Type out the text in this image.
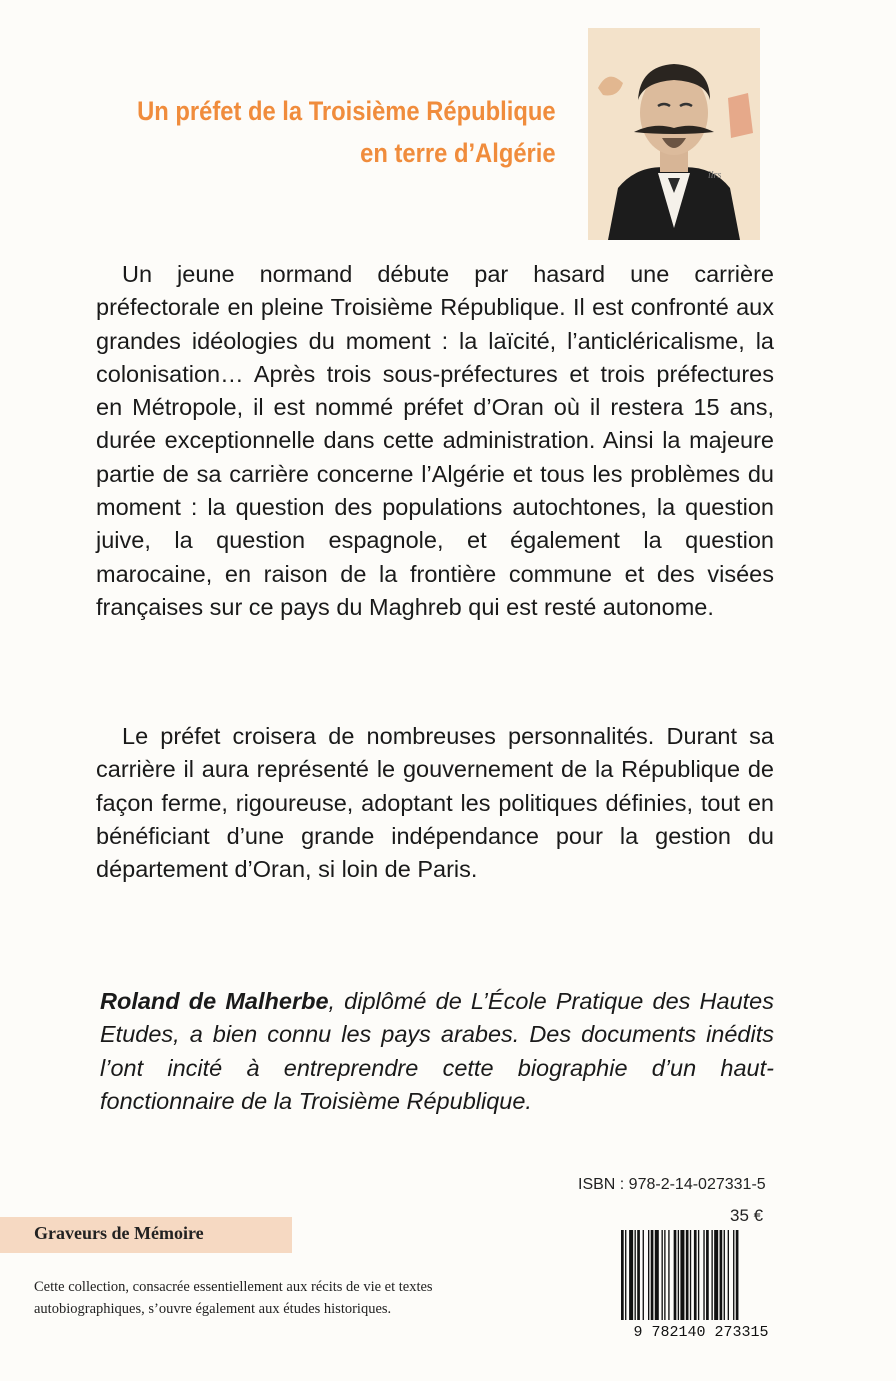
Un préfet de la Troisième République
en terre d’Algérie
ilrs

Un jeune normand débute par hasard une carrière préfectorale en pleine Troisième République. Il est confronté aux grandes idéologies du moment : la laïcité, l’anticléricalisme, la colonisation… Après trois sous-préfectures et trois préfectures en Métropole, il est nommé préfet d’Oran où il restera 15 ans, durée exceptionnelle dans cette administration. Ainsi la majeure partie de sa carrière concerne l’Algérie et tous les problèmes du moment : la question des populations autochtones, la question juive, la question espagnole, et également la question marocaine, en raison de la frontière commune et des visées françaises sur ce pays du Maghreb qui est resté autonome.

Le préfet croisera de nombreuses personnalités. Durant sa carrière il aura représenté le gouvernement de la République de façon ferme, rigoureuse, adoptant les politiques définies, tout en bénéficiant d’une grande indépendance pour la gestion du département d’Oran, si loin de Paris.

Roland de Malherbe, diplômé de L’École Pratique des Hautes Etudes, a bien connu les pays arabes. Des documents inédits l’ont incité à entreprendre cette biographie d’un haut-fonctionnaire de la Troisième République.

ISBN : 978-2-14-027331-5
35 €
9 782140 273315
Graveurs de Mémoire

Cette collection, consacrée essentiellement aux récits de vie et textes autobiographiques, s’ouvre également aux études historiques.
